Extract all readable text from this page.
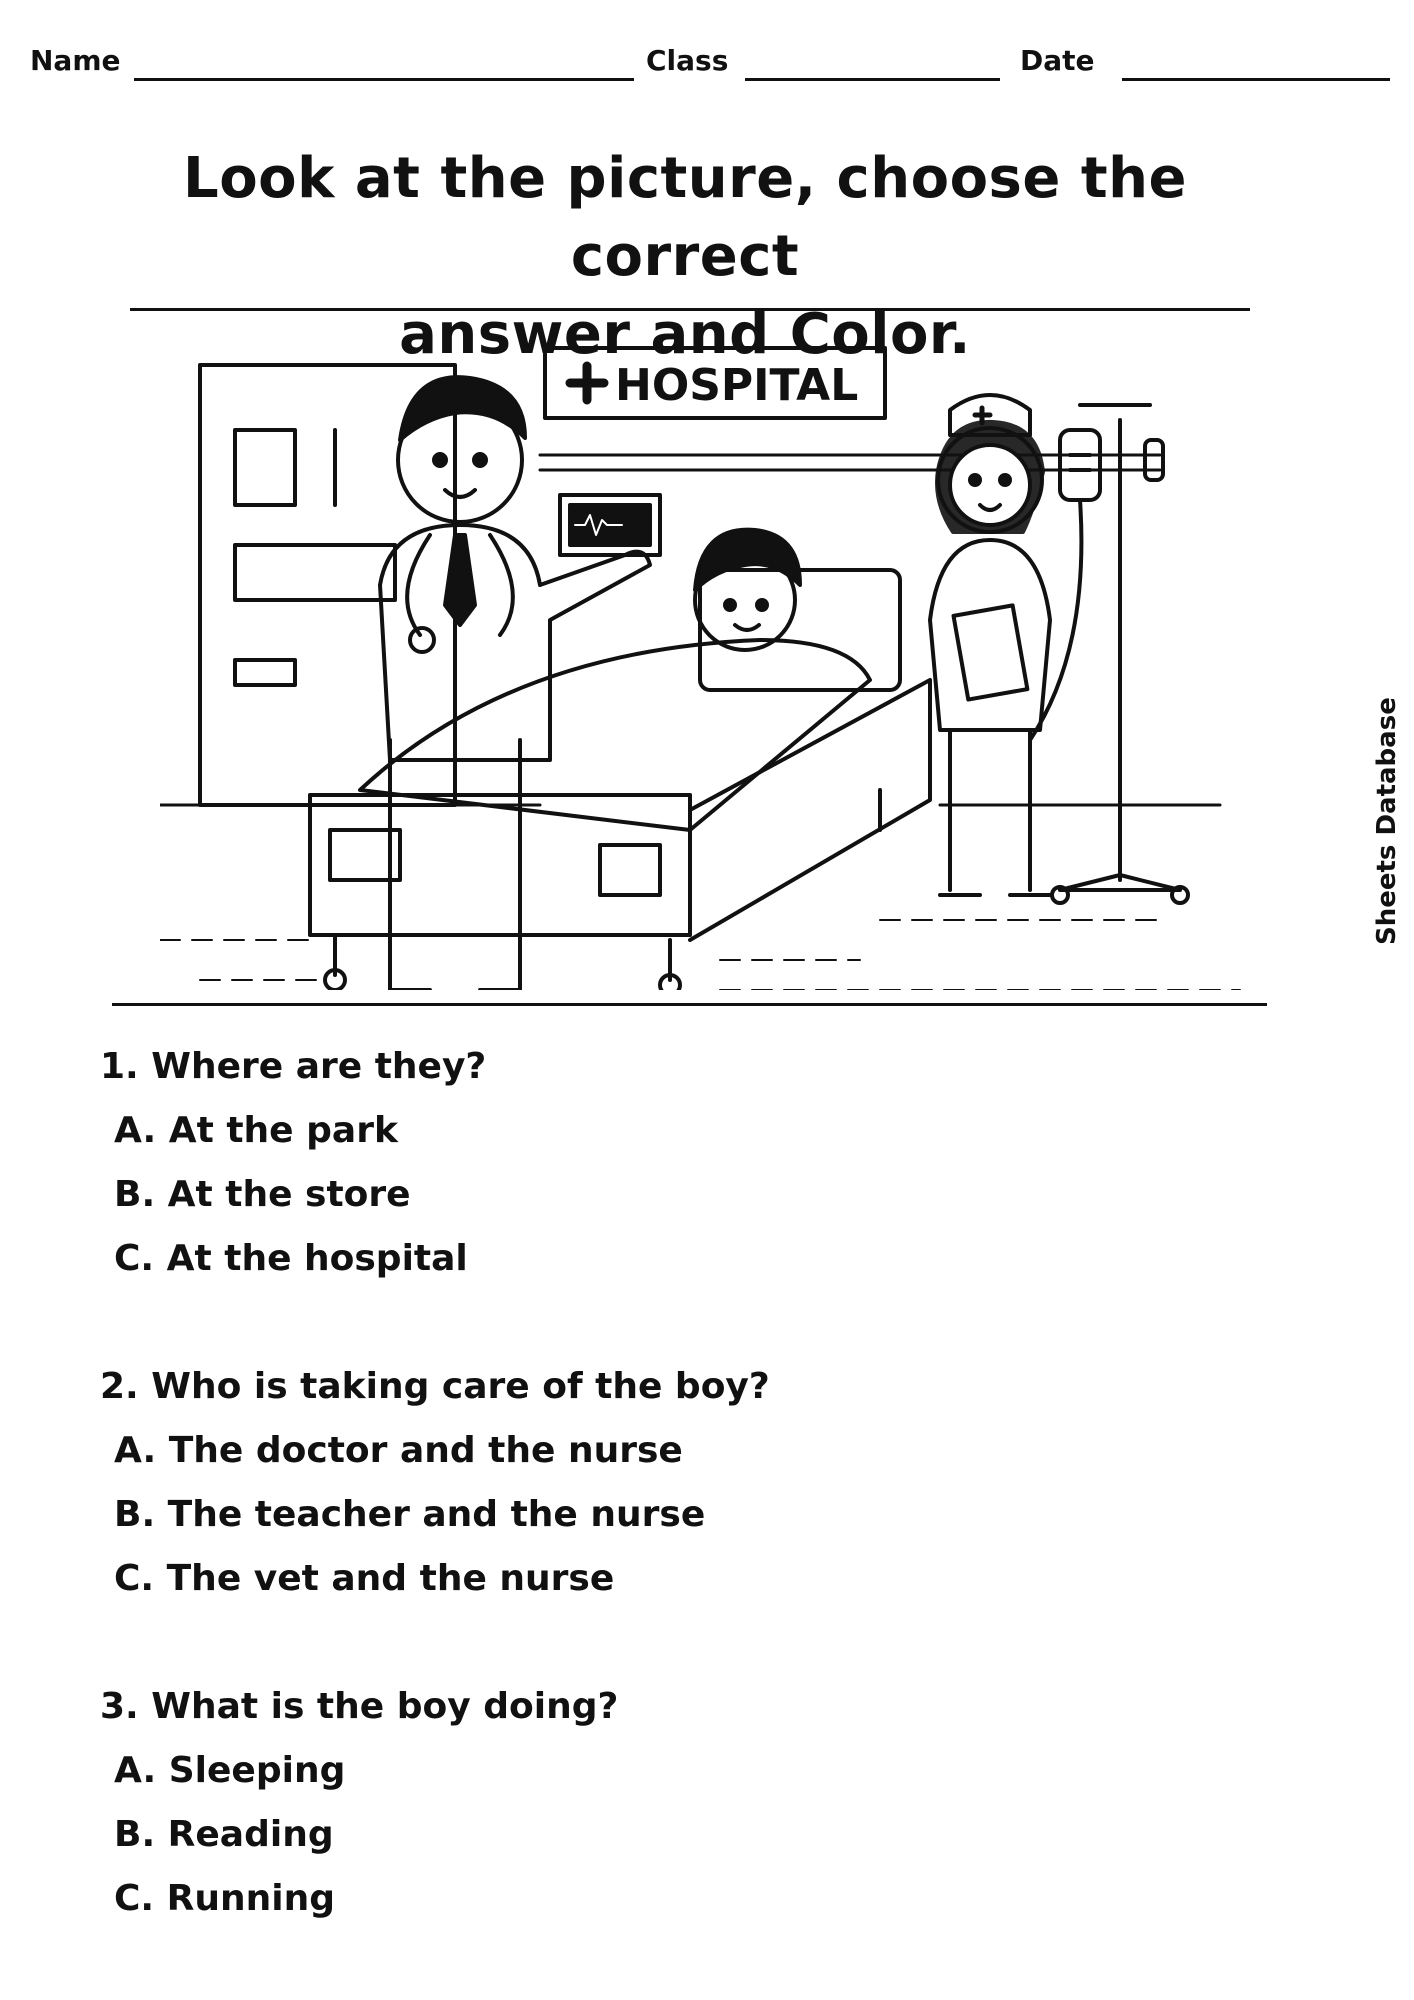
Name	Class	Date
Look at the picture, choose the correct
answer and Color.
HOSPITAL
Sheets Database
1. Where are they?
A. At the park
B. At the store
C. At the hospital
2. Who is taking care of the boy?
A. The doctor and the nurse
B. The teacher and the nurse
C. The vet and the nurse
3. What is the boy doing?
A. Sleeping
B. Reading
C. Running
